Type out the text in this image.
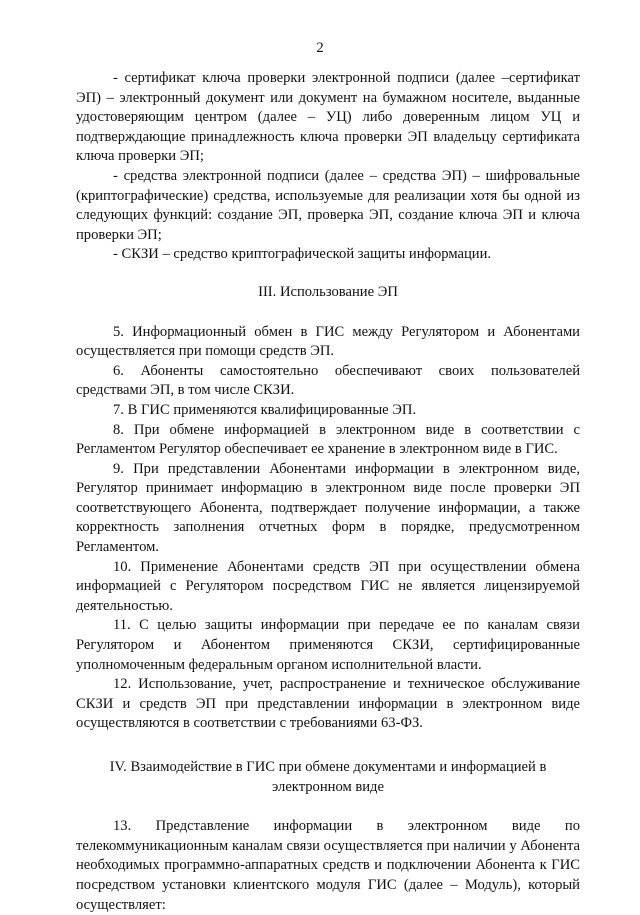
2

- сертификат ключа проверки электронной подписи (далее –сертификат ЭП) – электронный документ или документ на бумажном носителе, выданные удостоверяющим центром (далее – УЦ) либо доверенным лицом УЦ и подтверждающие принадлежность ключа проверки ЭП владельцу сертификата ключа проверки ЭП;

- средства электронной подписи (далее – средства ЭП) – шифровальные (криптографические) средства, используемые для реализации хотя бы одной из следующих функций: создание ЭП, проверка ЭП, создание ключа ЭП и ключа проверки ЭП;

- СКЗИ – средство криптографической защиты информации.

III. Использование ЭП

5. Информационный обмен в ГИС между Регулятором и Абонентами осуществляется при помощи средств ЭП.

6. Абоненты самостоятельно обеспечивают своих пользователей средствами ЭП, в том числе СКЗИ.

7. В ГИС применяются квалифицированные ЭП.

8. При обмене информацией в электронном виде в соответствии с Регламентом Регулятор обеспечивает ее хранение в электронном виде в ГИС.

9. При представлении Абонентами информации в электронном виде, Регулятор принимает информацию в электронном виде после проверки ЭП соответствующего Абонента, подтверждает получение информации, а также корректность заполнения отчетных форм в порядке, предусмотренном Регламентом.

10. Применение Абонентами средств ЭП при осуществлении обмена информацией с Регулятором посредством ГИС не является лицензируемой деятельностью.

11. С целью защиты информации при передаче ее по каналам связи Регулятором и Абонентом применяются СКЗИ, сертифицированные уполномоченным федеральным органом исполнительной власти.

12. Использование, учет, распространение и техническое обслуживание СКЗИ и средств ЭП при представлении информации в электронном виде осуществляются в соответствии с требованиями 63-ФЗ.

IV. Взаимодействие в ГИС при обмене документами и информацией в электронном виде

13. Представление информации в электронном виде по телекоммуникационным каналам связи осуществляется при наличии у Абонента необходимых программно-аппаратных средств и подключении Абонента к ГИС посредством установки клиентского модуля ГИС (далее – Модуль), который осуществляет:
